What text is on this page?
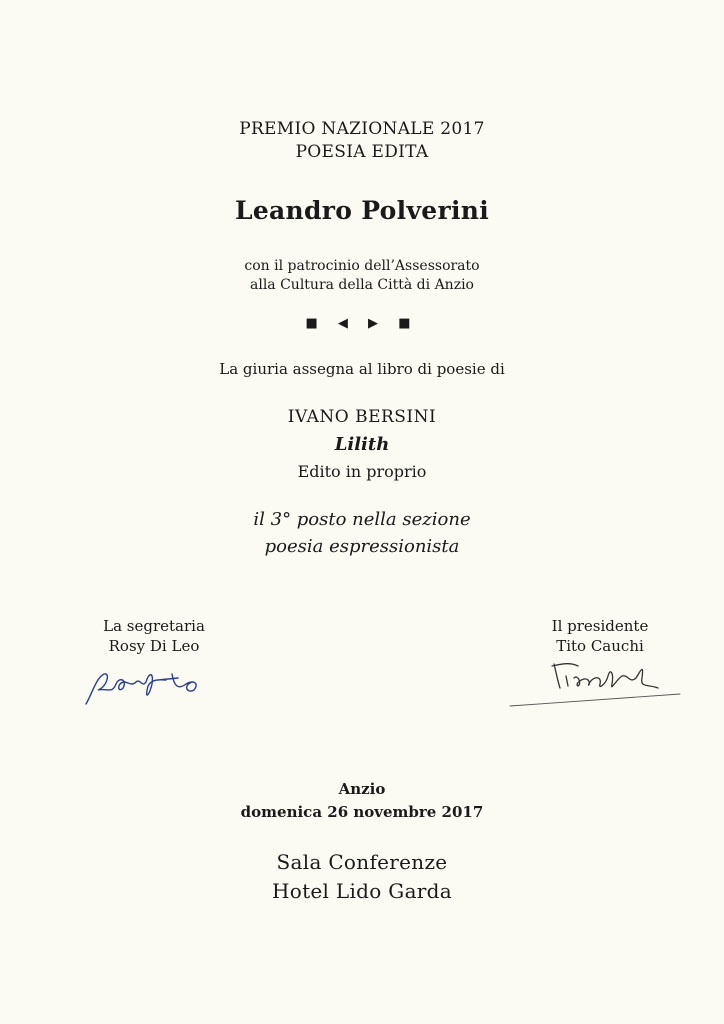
PREMIO NAZIONALE 2017
POESIA EDITA
Leandro Polverini
con il patrocinio dell’Assessorato
alla Cultura della Città di Anzio
■ ◀ ▶ ■
La giuria assegna al libro di poesie di
IVANO BERSINI
Lilith
Edito in proprio
il 3° posto nella sezione
poesia espressionista
La segretaria
Rosy Di Leo
Il presidente
Tito Cauchi
Anzio
domenica 26 novembre 2017
Sala Conferenze
Hotel Lido Garda
